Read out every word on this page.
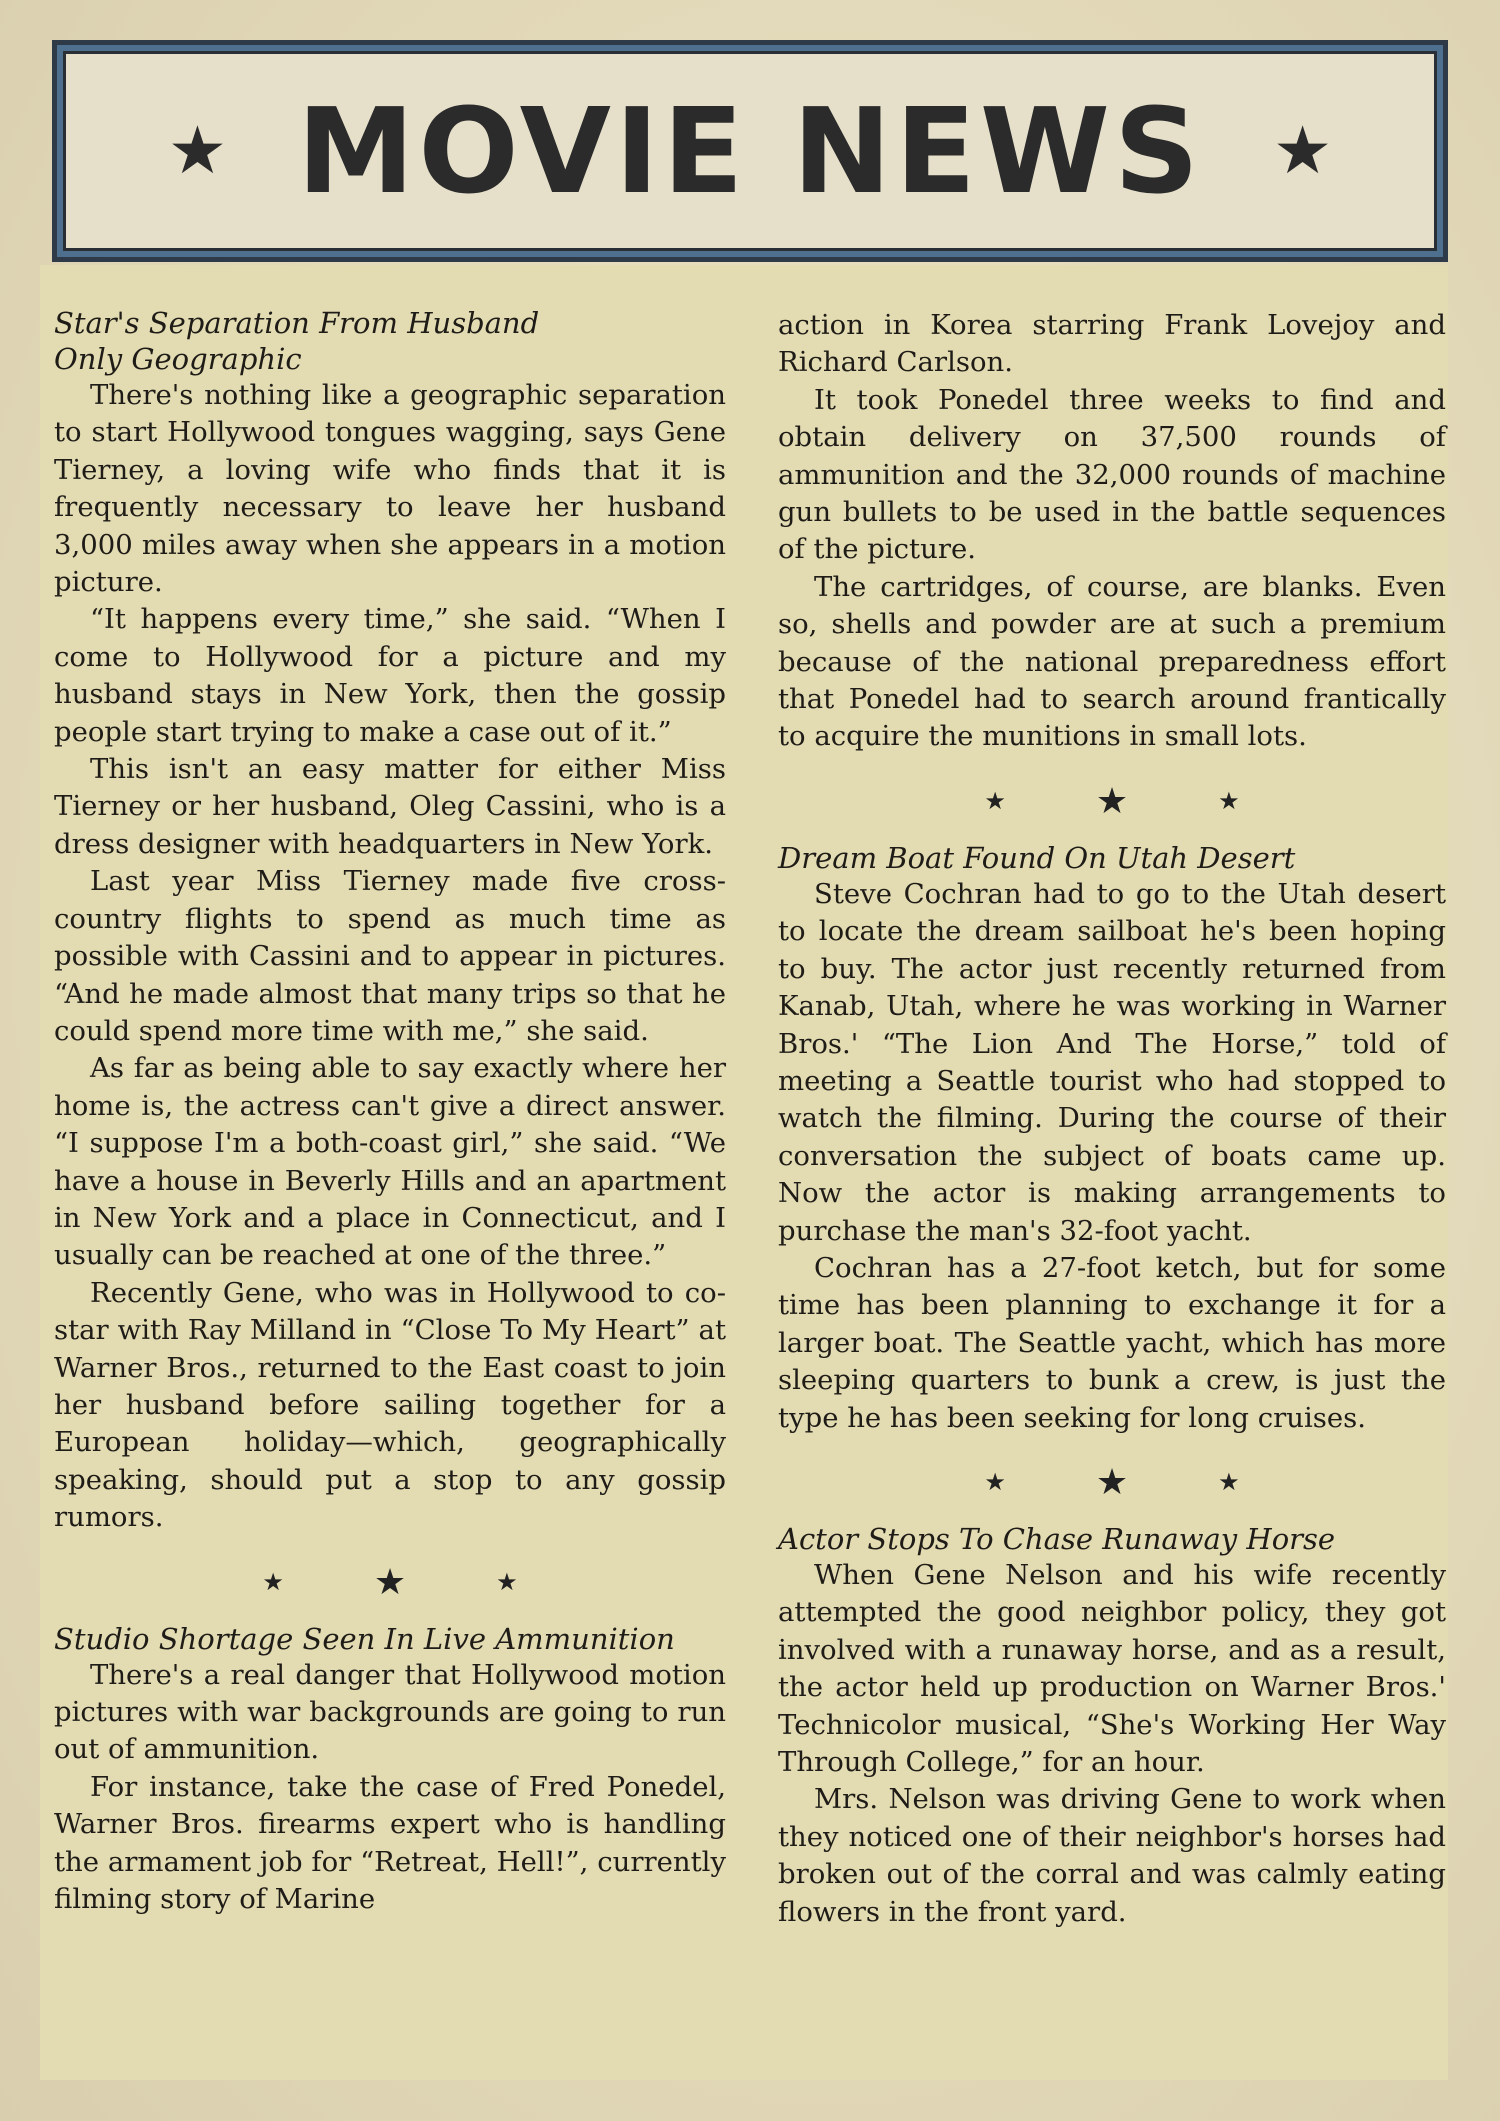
★ MOVIE NEWS ★
Star's Separation From Husband
Only Geographic

There's nothing like a geographic separation to start Hollywood tongues wagging, says Gene Tierney, a loving wife who finds that it is frequently necessary to leave her husband 3,000 miles away when she appears in a motion picture.

“It happens every time,” she said. “When I come to Hollywood for a picture and my husband stays in New York, then the gossip people start trying to make a case out of it.”

This isn't an easy matter for either Miss Tierney or her husband, Oleg Cassini, who is a dress designer with headquarters in New York.

Last year Miss Tierney made five cross-country flights to spend as much time as possible with Cassini and to appear in pictures. “And he made almost that many trips so that he could spend more time with me,” she said.

As far as being able to say exactly where her home is, the actress can't give a direct answer. “I suppose I'm a both-coast girl,” she said. “We have a house in Beverly Hills and an apartment in New York and a place in Connecticut, and I usually can be reached at one of the three.”

Recently Gene, who was in Hollywood to co-star with Ray Milland in “Close To My Heart” at Warner Bros., returned to the East coast to join her husband before sailing together for a European holiday—which, geographically speaking, should put a stop to any gossip rumors.

★	★	★
Studio Shortage Seen In Live Ammunition

There's a real danger that Hollywood motion pictures with war backgrounds are going to run out of ammunition.

For instance, take the case of Fred Ponedel, Warner Bros. firearms expert who is handling the armament job for “Retreat, Hell!”, currently filming story of Marine

action in Korea starring Frank Lovejoy and Richard Carlson.

It took Ponedel three weeks to find and obtain delivery on 37,500 rounds of ammunition and the 32,000 rounds of machine gun bullets to be used in the battle sequences of the picture.

The cartridges, of course, are blanks. Even so, shells and powder are at such a premium because of the national preparedness effort that Ponedel had to search around frantically to acquire the munitions in small lots.

★	★	★
Dream Boat Found On Utah Desert

Steve Cochran had to go to the Utah desert to locate the dream sailboat he's been hoping to buy. The actor just recently returned from Kanab, Utah, where he was working in Warner Bros.' “The Lion And The Horse,” told of meeting a Seattle tourist who had stopped to watch the filming. During the course of their conversation the subject of boats came up. Now the actor is making arrangements to purchase the man's 32-foot yacht.

Cochran has a 27-foot ketch, but for some time has been planning to exchange it for a larger boat. The Seattle yacht, which has more sleeping quarters to bunk a crew, is just the type he has been seeking for long cruises.

★	★	★
Actor Stops To Chase Runaway Horse

When Gene Nelson and his wife recently attempted the good neighbor policy, they got involved with a runaway horse, and as a result, the actor held up production on Warner Bros.' Technicolor musical, “She's Working Her Way Through College,” for an hour.

Mrs. Nelson was driving Gene to work when they noticed one of their neighbor's horses had broken out of the corral and was calmly eating flowers in the front yard.
